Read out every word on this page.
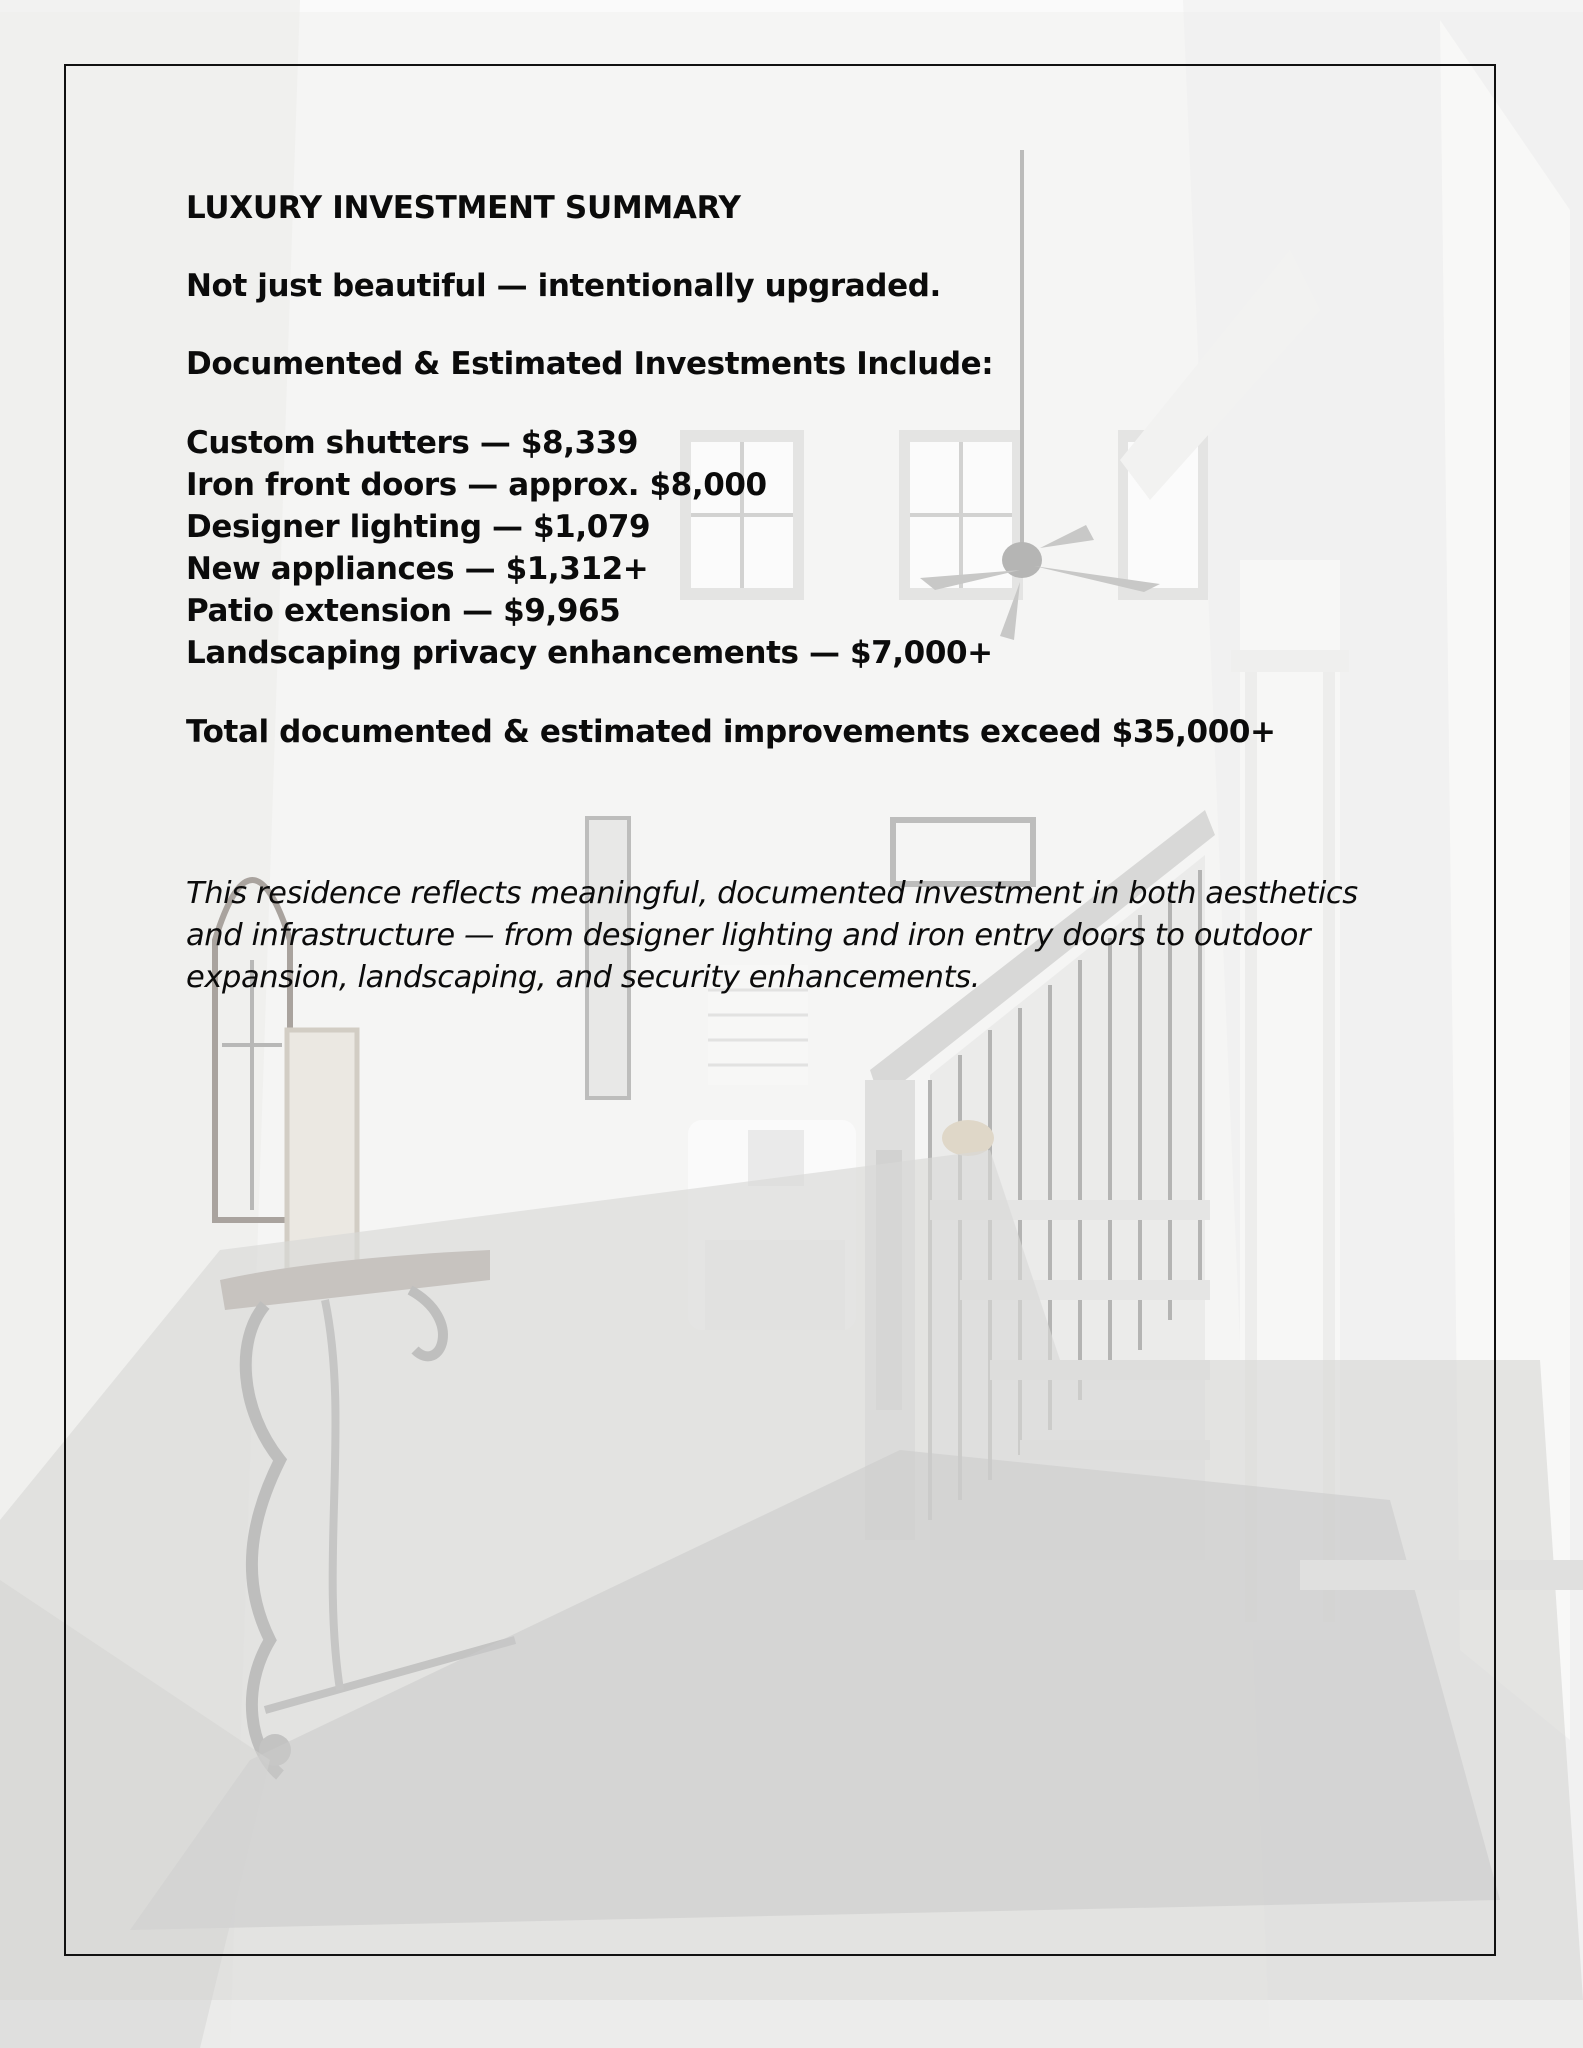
LUXURY INVESTMENT SUMMARY

Not just beautiful — intentionally upgraded.

Documented & Estimated Investments Include:

Custom shutters — $8,339
Iron front doors — approx. $8,000
Designer lighting — $1,079
New appliances — $1,312+
Patio extension — $9,965
Landscaping privacy enhancements — $7,000+

Total documented & estimated improvements exceed $35,000+

This residence reflects meaningful, documented investment in both aesthetics and infrastructure — from designer lighting and iron entry doors to outdoor expansion, landscaping, and security enhancements.
